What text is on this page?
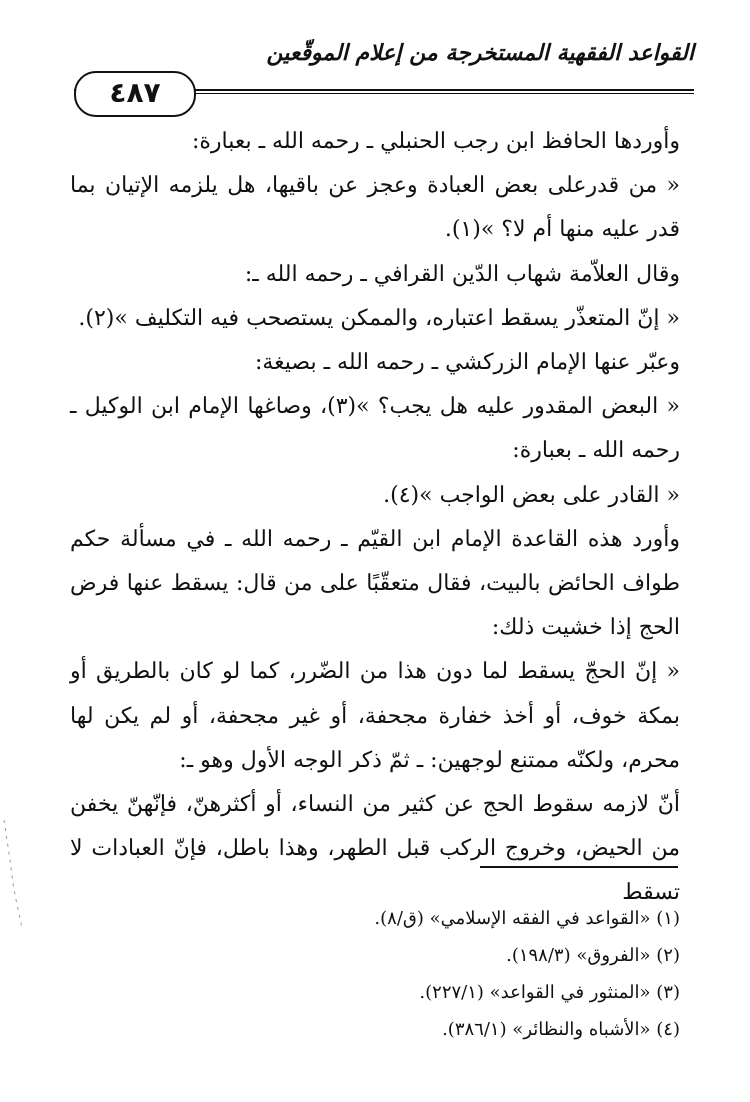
القواعد الفقهية المستخرجة من إعلام الموقّعين
٤٨٧

وأوردها الحافظ ابن رجب الحنبلي ـ رحمه الله ـ بعبارة:

« من قدرعلى بعض العبادة وعجز عن باقيها، هل يلزمه الإتيان بما قدر عليه منها أم لا؟ »(١).

وقال العلاّمة شهاب الدّين القرافي ـ رحمه الله ـ:

« إنّ المتعذّر يسقط اعتباره، والممكن يستصحب فيه التكليف »(٢).

وعبّر عنها الإمام الزركشي ـ رحمه الله ـ بصيغة:

« البعض المقدور عليه هل يجب؟ »(٣)، وصاغها الإمام ابن الوكيل ـ رحمه الله ـ بعبارة:

« القادر على بعض الواجب »(٤).

وأورد هذه القاعدة الإمام ابن القيّم ـ رحمه الله ـ في مسألة حكم طواف الحائض بالبيت، فقال متعقّبًا على من قال: يسقط عنها فرض الحج إذا خشيت ذلك:

« إنّ الحجّ يسقط لما دون هذا من الضّرر، كما لو كان بالطريق أو بمكة خوف، أو أخذ خفارة مجحفة، أو غير مجحفة، أو لم يكن لها محرم، ولكنّه ممتنع لوجهين: ـ ثمّ ذكر الوجه الأول وهو ـ:

أنّ لازمه سقوط الحج عن كثير من النساء، أو أكثرهنّ، فإنّهنّ يخفن من الحيض، وخروج الركب قبل الطهر، وهذا باطل، فإنّ العبادات لا تسقط

(١) «القواعد في الفقه الإسلامي» (ق/٨).
(٢) «الفروق» (١٩٨/٣).
(٣) «المنثور في القواعد» (٢٢٧/١).
(٤) «الأشباه والنظائر» (٣٨٦/١).
